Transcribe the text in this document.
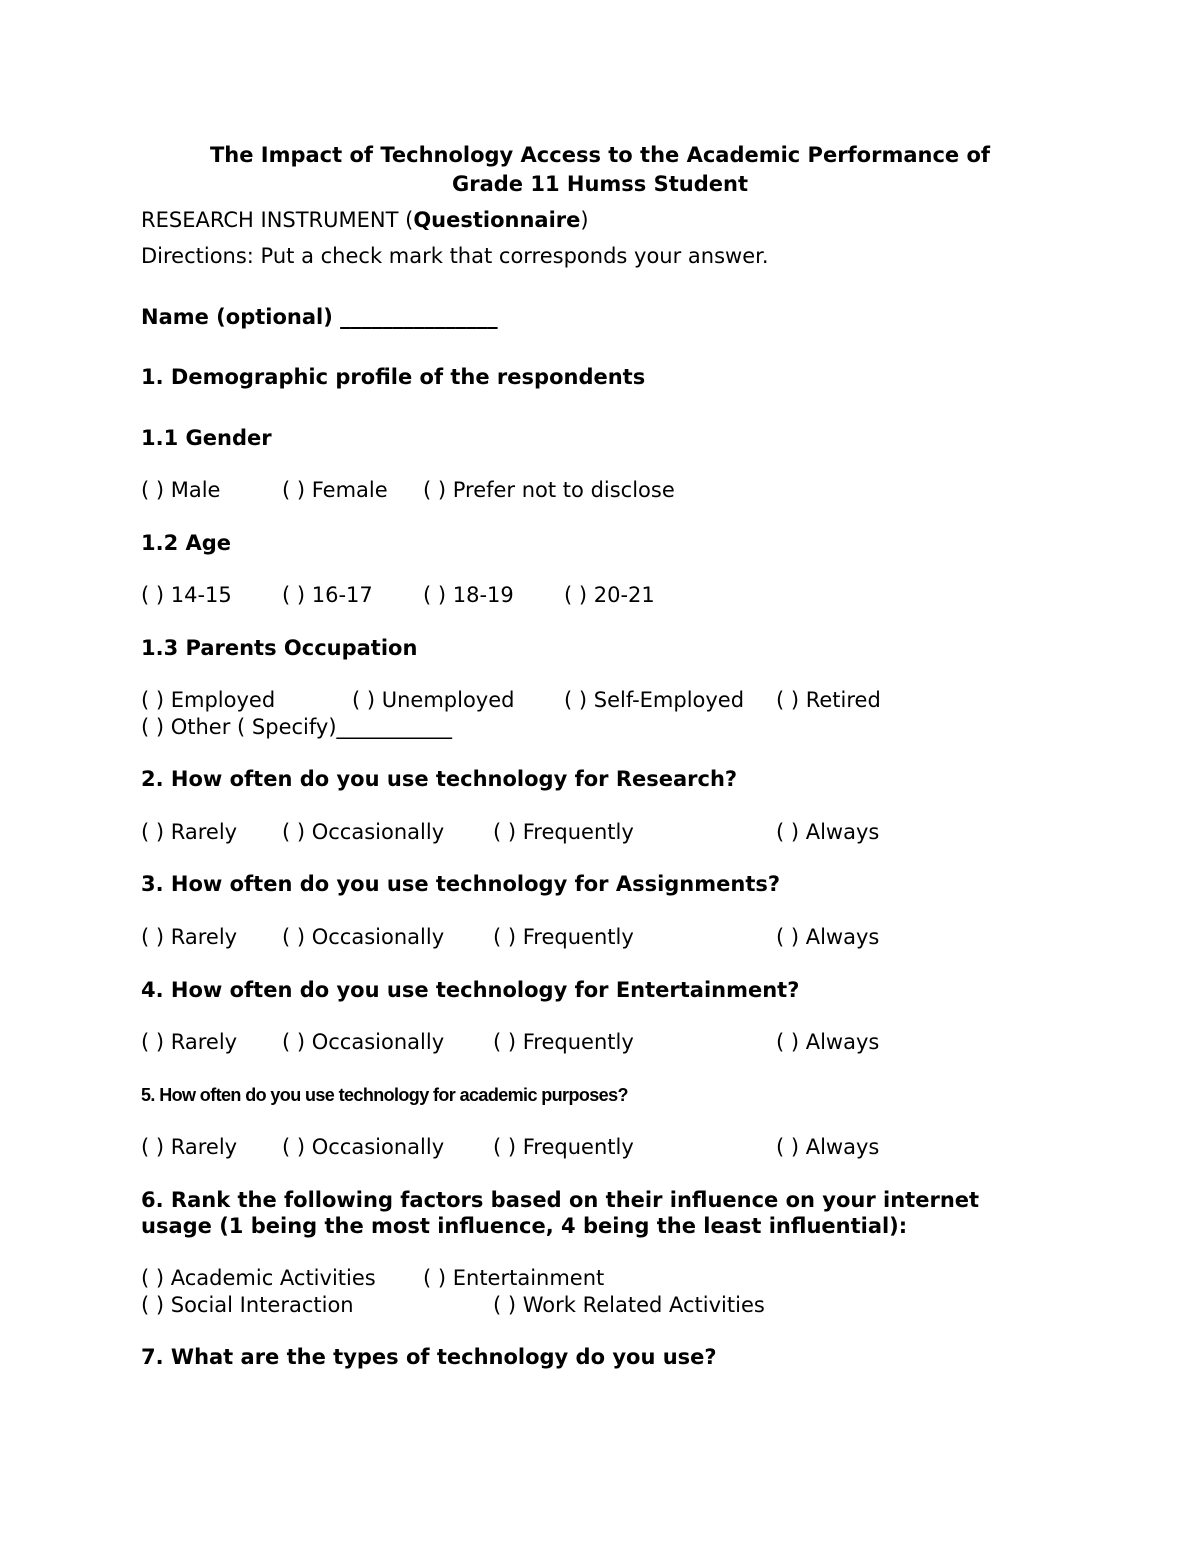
The Impact of Technology Access to the Academic Performance of
Grade 11 Humss Student
RESEARCH INSTRUMENT (Questionnaire)
Directions: Put a check mark that corresponds your answer.
Name (optional) _______________
1. Demographic profile of the respondents
1.1 Gender
( ) Male	( ) Female ( ) Prefer not to disclose
1.2 Age
( ) 14-15 ( ) 16-17 ( ) 18-19 ( ) 20-21
1.3 Parents Occupation
( ) Employed	( ) Unemployed ( ) Self-Employed ( ) Retired
( ) Other ( Specify)___________
2. How often do you use technology for Research?
( ) Rarely ( ) Occasionally ( ) Frequently	( ) Always
3. How often do you use technology for Assignments?
( ) Rarely ( ) Occasionally ( ) Frequently	( ) Always
4. How often do you use technology for Entertainment?
( ) Rarely ( ) Occasionally ( ) Frequently	( ) Always
5. How often do you use technology for academic purposes?
( ) Rarely ( ) Occasionally ( ) Frequently	( ) Always
6. Rank the following factors based on their influence on your internet
usage (1 being the most influence, 4 being the least influential):
( ) Academic Activities ( ) Entertainment
( ) Social Interaction	( ) Work Related Activities
7. What are the types of technology do you use?
